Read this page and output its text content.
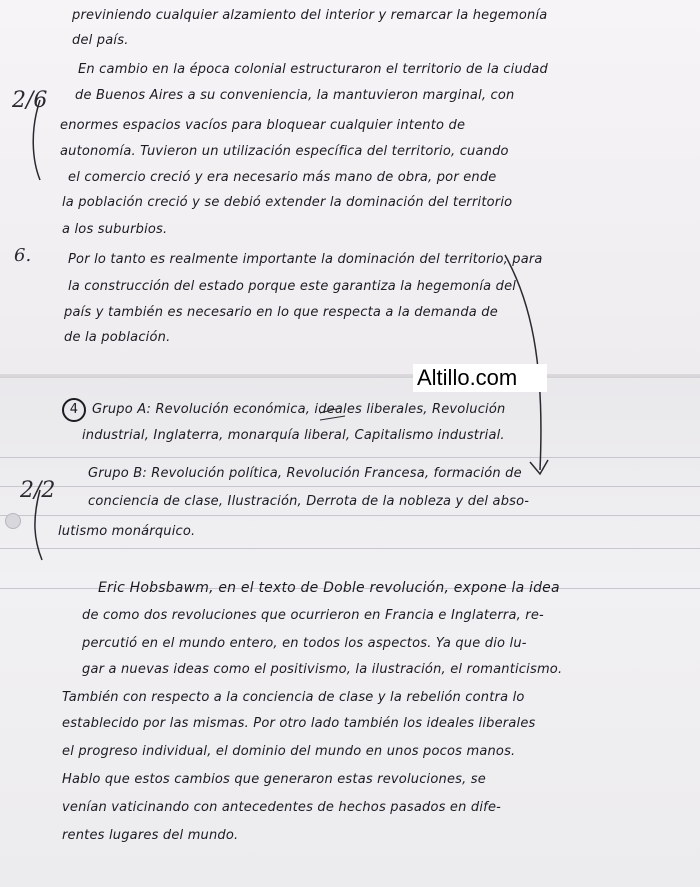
previniendo cualquier alzamiento del interior y remarcar la hegemonía

del país.

En cambio en la época colonial estructuraron el territorio de la ciudad

de Buenos Aires a su conveniencia, la mantuvieron marginal, con

enormes espacios vacíos para bloquear cualquier intento de

autonomía. Tuvieron un utilización específica del territorio, cuando

el comercio creció y era necesario más mano de obra, por ende

la población creció y se debió extender la dominación del territorio

a los suburbios.

Por lo tanto es realmente importante la dominación del territorio, para

la construcción del estado porque este garantiza la hegemonía del

país y también es necesario en lo que respecta a la demanda de

de la población.

4 Grupo A: Revolución económica, ideales liberales, Revolución

industrial, Inglaterra, monarquía liberal, Capitalismo industrial.

Grupo B: Revolución política, Revolución Francesa, formación de

conciencia de clase, Ilustración, Derrota de la nobleza y del abso-

lutismo monárquico.

Eric Hobsbawm, en el texto de Doble revolución, expone la idea

de como dos revoluciones que ocurrieron en Francia e Inglaterra, re-

percutió en el mundo entero, en todos los aspectos. Ya que dio lu-

gar a nuevas ideas como el positivismo, la ilustración, el romanticismo.

También con respecto a la conciencia de clase y la rebelión contra lo

establecido por las mismas. Por otro lado también los ideales liberales

el progreso individual, el dominio del mundo en unos pocos manos.

Hablo que estos cambios que generaron estas revoluciones, se

venían vaticinando con antecedentes de hechos pasados en dife-

rentes lugares del mundo.

2/6
6.
2/2
Altillo.com
